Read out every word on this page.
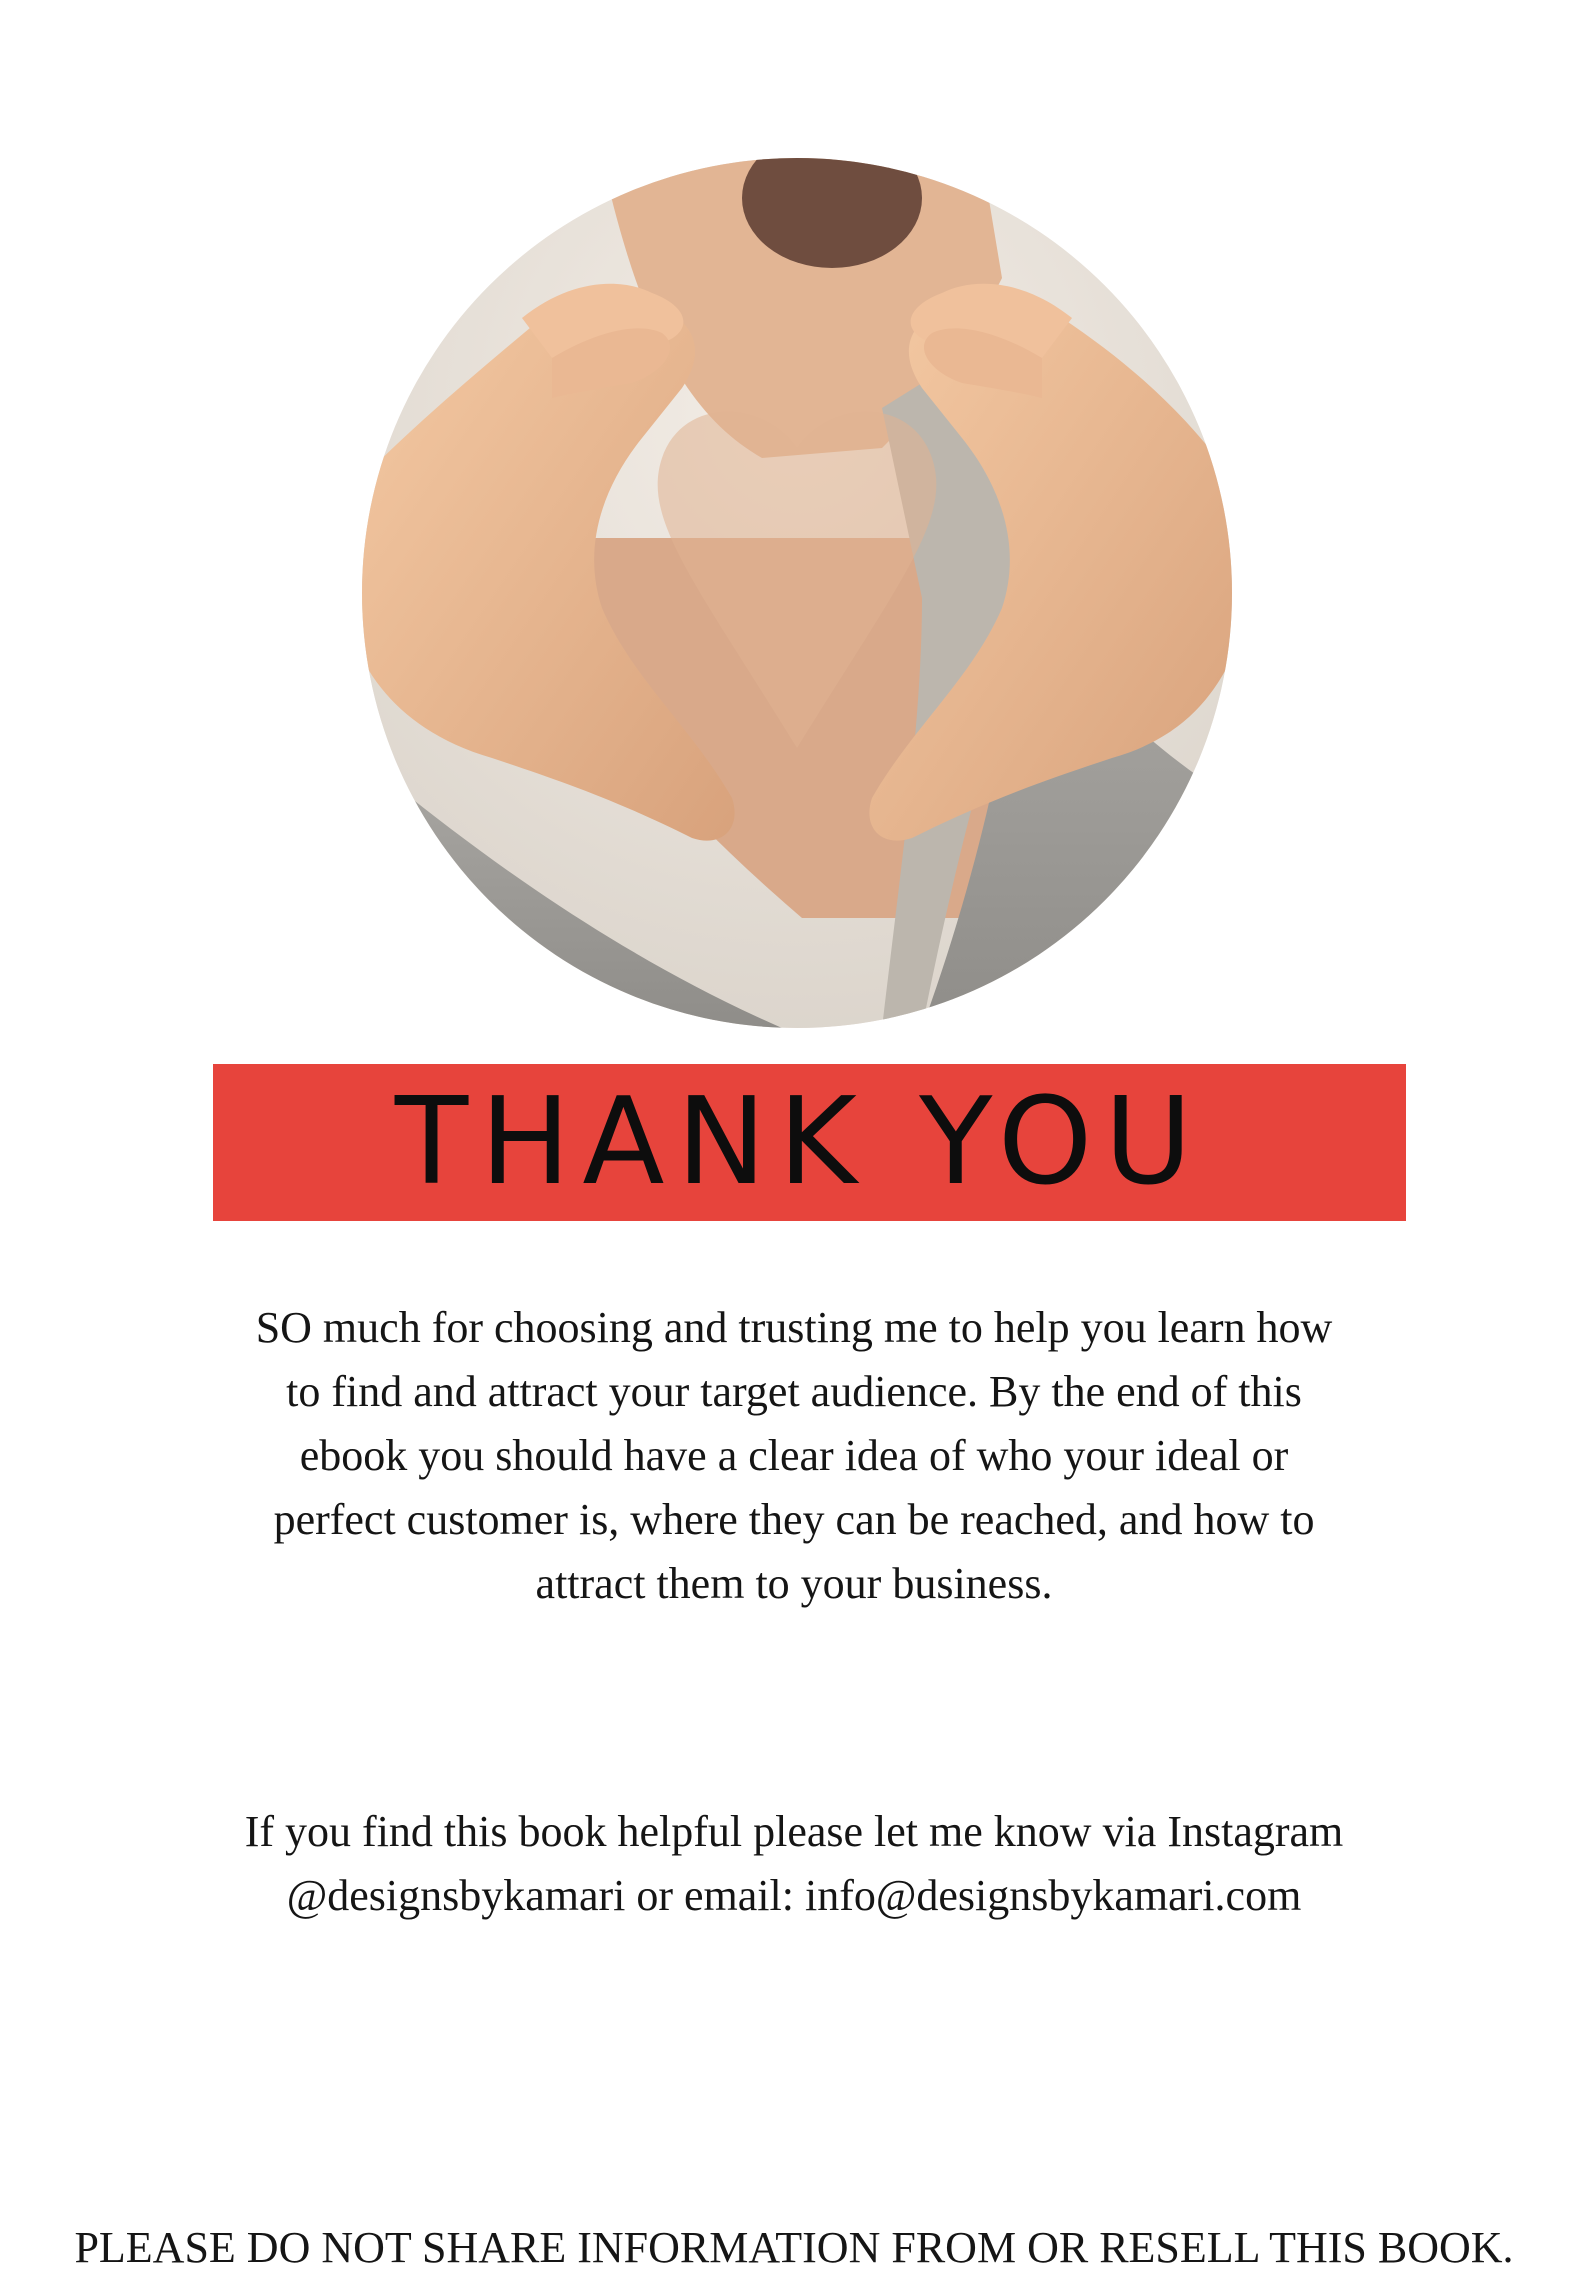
THANK YOU
SO much for choosing and trusting me to help you learn how
to find and attract your target audience. By the end of this
ebook you should have a clear idea of who your ideal or
perfect customer is, where they can be reached, and how to
attract them to your business.
If you find this book helpful please let me know via Instagram
@designsbykamari or email: info@designsbykamari.com
PLEASE DO NOT SHARE INFORMATION FROM OR RESELL THIS BOOK.
